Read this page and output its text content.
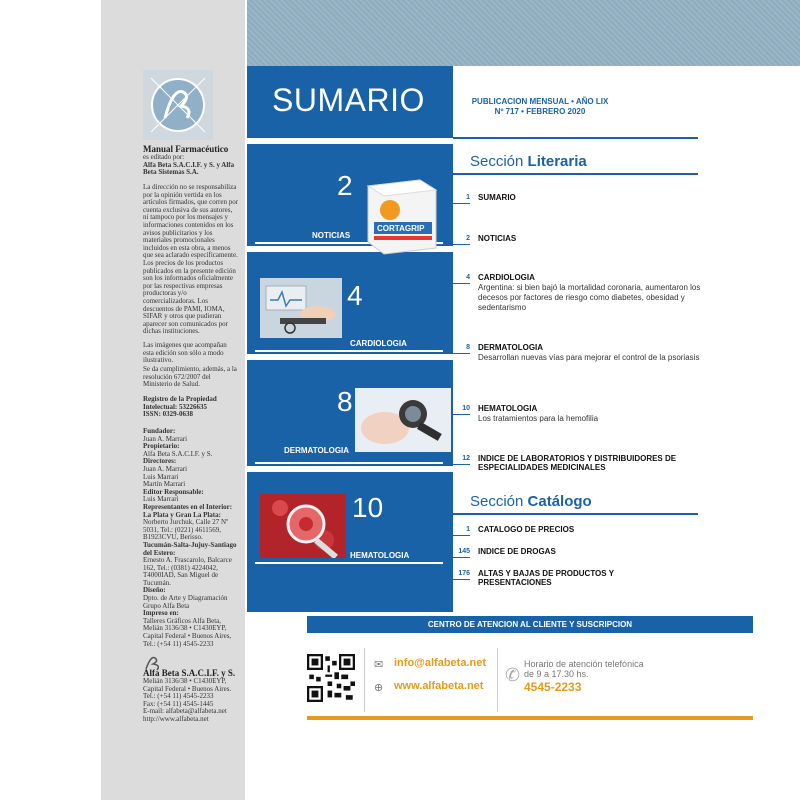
Manual Farmacéutico
es editado por:
Alfa Beta S.A.C.I.F. y S. y Alfa Beta Sistemas S.A.
La dirección no se responsabiliza por la opinión vertida en los artículos firmados, que corren por cuenta exclusiva de sus autores, ni tampoco por los mensajes y informaciones contenidos en los avisos publicitarios y los materiales promocionales incluidos en esta obra, a menos que sea aclarado específicamente. Los precios de los productos publicados en la presente edición son los informados oficialmente por las respectivas empresas productoras y/o comercializadoras. Los descuentos de PAMI, IOMA, SIFAR y otros que pudieran aparecer son comunicados por dichas instituciones.
Las imágenes que acompañan esta edición son sólo a modo ilustrativo.
Se da cumplimiento, además, a la resolución 672/2007 del Ministerio de Salud.
Registro de la Propiedad Intelectual: 53226635
ISSN: 0329-0638
Fundador:
Juan A. Marrari
Propietario:
Alfa Beta S.A.C.I.F. y S.
Directores:
Juan A. Marrari
Luis Marrari
Martín Marrari
Editor Responsable:
Luis Marrari
Representantes en el Interior:
La Plata y Gran La Plata:
Norberto Jurchuk, Calle 27 Nº 5031, Tel.: (0221) 4611569, B1923CVU, Berisso.
Tucumán-Salta-Jujuy-Santiago del Estero:
Ernesto A. Frascarolo, Balcarce 162, Tel.: (0381) 4224042, T4000IAD, San Miguel de Tucumán.
Diseño:
Dpto. de Arte y Diagramación Grupo Alfa Beta
Impreso en:
Talleres Gráficos Alfa Beta, Melián 3136/38 • C1430EYP, Capital Federal • Buenos Aires, Tel.: (+54 11) 4545-2233
Alfa Beta S.A.C.I.F. y S.
Melián 3136/38 • C1430EYP, Capital Federal • Buenos Aires.
Tel.: (+54 11) 4545-2233
Fax: (+54 11) 4545-1445
E-mail: alfabeta@alfabeta.net
http://www.alfabeta.net
SUMARIO
2
NOTICIAS
CORTAGRIP
4
CARDIOLOGIA
8
DERMATOLOGIA
10
HEMATOLOGIA
PUBLICACION MENSUAL • AÑO LIX
Nº 717 • FEBRERO 2020
Sección Literaria
1 SUMARIO
2 NOTICIAS
4 CARDIOLOGIA
Argentina: si bien bajó la mortalidad coronaria, aumentaron los decesos por factores de riesgo como diabetes, obesidad y sedentarismo
8 DERMATOLOGIA
Desarrollan nuevas vías para mejorar el control de la psoriasis
10 HEMATOLOGIA
Los tratamientos para la hemofilia
12 INDICE DE LABORATORIOS Y DISTRIBUIDORES DE ESPECIALIDADES MEDICINALES
Sección Catálogo
1 CATALOGO DE PRECIOS
145 INDICE DE DROGAS
176 ALTAS Y BAJAS DE PRODUCTOS Y PRESENTACIONES
CENTRO DE ATENCION AL CLIENTE Y SUSCRIPCION
✉ info@alfabeta.net
⊕ www.alfabeta.net
✆
Horario de atención telefónica de 9 a 17.30 hs.
4545-2233
